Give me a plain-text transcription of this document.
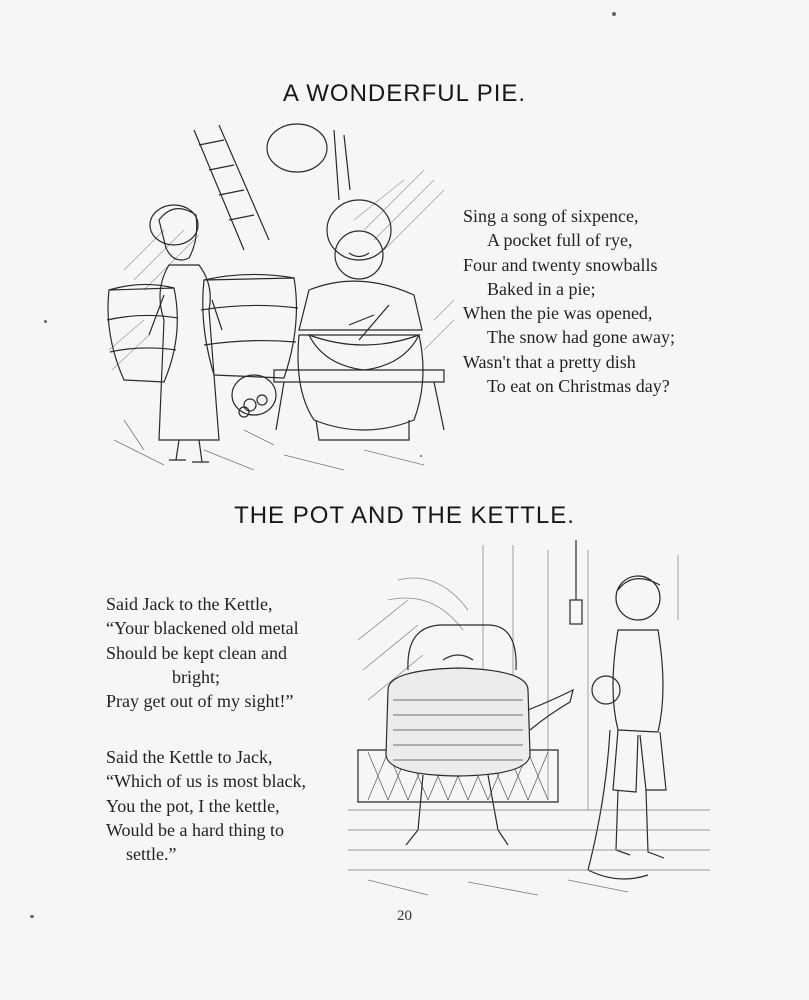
A WONDERFUL PIE.
Sing a song of sixpence,
A pocket full of rye,
Four and twenty snowballs
Baked in a pie;
When the pie was opened,
The snow had gone away;
Wasn't that a pretty dish
To eat on Christmas day?
THE POT AND THE KETTLE.
Said Jack to the Kettle,
“Your blackened old metal
Should be kept clean and
bright;
Pray get out of my sight!”
Said the Kettle to Jack,
“Which of us is most black,
You the pot, I the kettle,
Would be a hard thing to
settle.”
20
